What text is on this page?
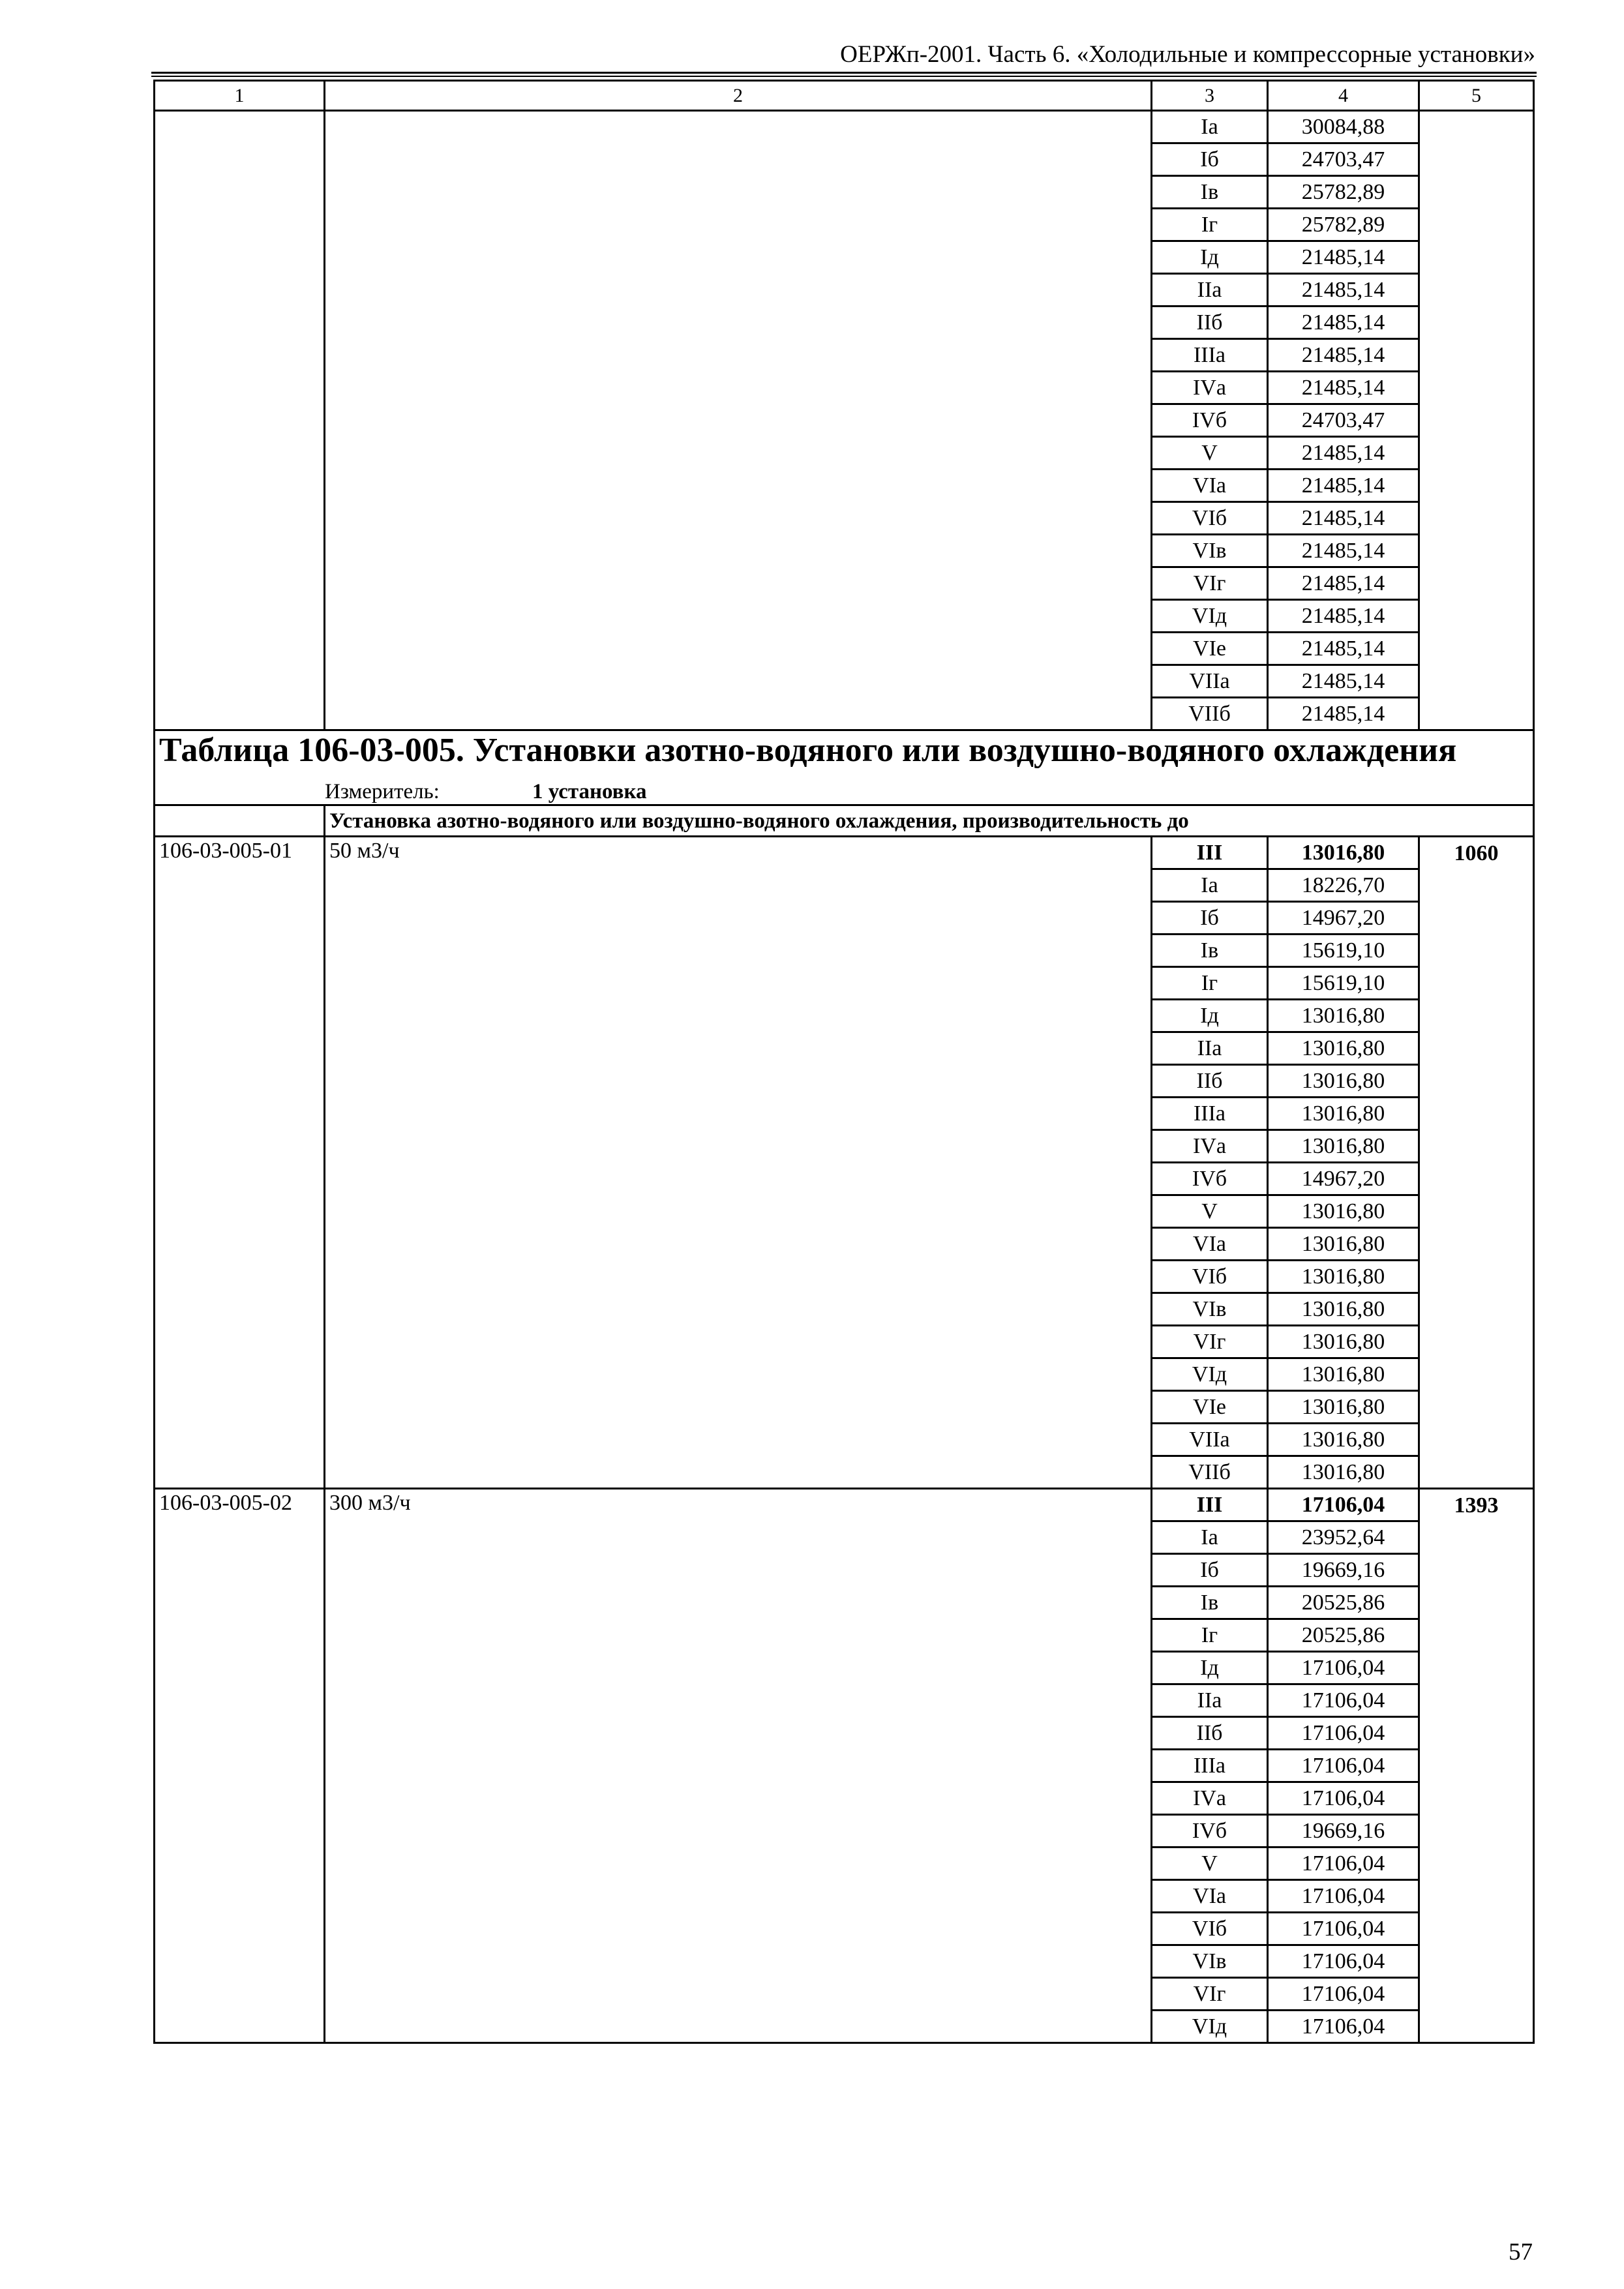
ОЕРЖп-2001. Часть 6. «Холодильные и компрессорные установки»
1	2	3	4	5
		Iа	30084,88	
		Iб	24703,47	
		Iв	25782,89	
		Iг	25782,89	
		Iд	21485,14	
		IIа	21485,14	
		IIб	21485,14	
		IIIа	21485,14	
		IVа	21485,14	
		IVб	24703,47	
		V	21485,14	
		VIа	21485,14	
		VIб	21485,14	
		VIв	21485,14	
		VIг	21485,14	
		VIд	21485,14	
		VIе	21485,14	
		VIIа	21485,14	
		VIIб	21485,14	
Таблица 106-03-005. Установки азотно-водяного или воздушно-водяного охлаждения				
Измеритель: 1 установка				
	Установка азотно-водяного или воздушно-водяного охлаждения, производительность до			
106-03-005-01	50 м3/ч	III	13016,80	1060
		Iа	18226,70	
		Iб	14967,20	
		Iв	15619,10	
		Iг	15619,10	
		Iд	13016,80	
		IIа	13016,80	
		IIб	13016,80	
		IIIа	13016,80	
		IVа	13016,80	
		IVб	14967,20	
		V	13016,80	
		VIа	13016,80	
		VIб	13016,80	
		VIв	13016,80	
		VIг	13016,80	
		VIд	13016,80	
		VIе	13016,80	
		VIIа	13016,80	
		VIIб	13016,80	
106-03-005-02	300 м3/ч	III	17106,04	1393
		Iа	23952,64	
		Iб	19669,16	
		Iв	20525,86	
		Iг	20525,86	
		Iд	17106,04	
		IIа	17106,04	
		IIб	17106,04	
		IIIа	17106,04	
		IVа	17106,04	
		IVб	19669,16	
		V	17106,04	
		VIа	17106,04	
		VIб	17106,04	
		VIв	17106,04	
		VIг	17106,04	
		VIд	17106,04	
57
